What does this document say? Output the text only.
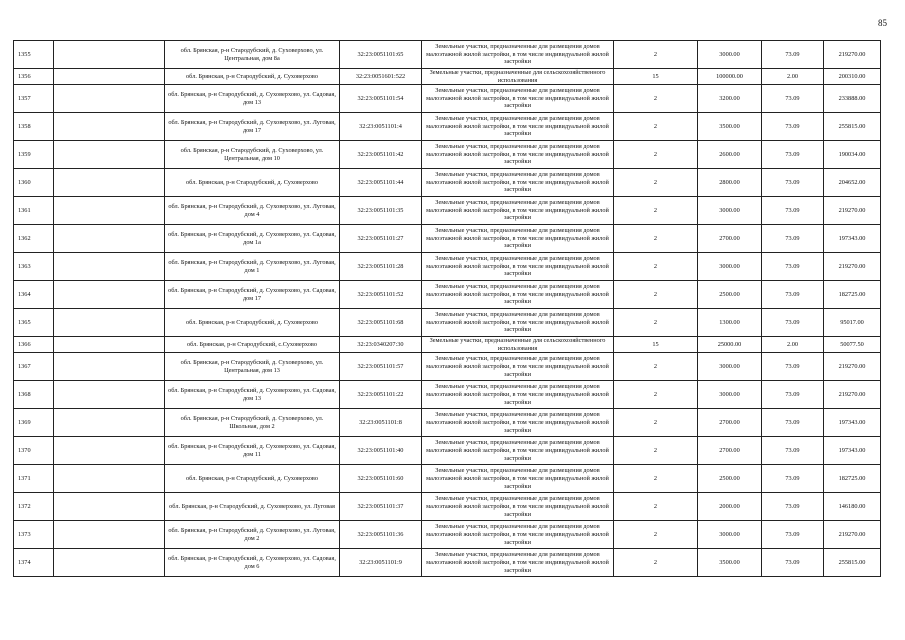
85
1355		обл. Брянская, р-н Стародубский, д. Суховерхово, ул. Центральная, дом 8а	32:23:0051101:65	Земельные участки, предназначенные для размещения домов малоэтажной жилой застройки, в том числе индивидуальной жилой застройки	2	3000.00	73.09	219270.00
1356		обл. Брянская, р-н Стародубский, д. Суховерхово	32:23:0051601:522	Земельные участки, предназначенные для сельскохозяйственного использования	15	100000.00	2.00	200310.00
1357		обл. Брянская, р-н Стародубский, д. Суховерхово, ул. Садовая, дом 13	32:23:0051101:54	Земельные участки, предназначенные для размещения домов малоэтажной жилой застройки, в том числе индивидуальной жилой застройки	2	3200.00	73.09	233888.00
1358		обл. Брянская, р-н Стародубский, д. Суховерхово, ул. Луговая, дом 17	32:23:0051101:4	Земельные участки, предназначенные для размещения домов малоэтажной жилой застройки, в том числе индивидуальной жилой застройки	2	3500.00	73.09	255815.00
1359		обл. Брянская, р-н Стародубский, д. Суховерхово, ул. Центральная, дом 10	32:23:0051101:42	Земельные участки, предназначенные для размещения домов малоэтажной жилой застройки, в том числе индивидуальной жилой застройки	2	2600.00	73.09	190034.00
1360		обл. Брянская, р-н Стародубский, д. Суховерхово	32:23:0051101:44	Земельные участки, предназначенные для размещения домов малоэтажной жилой застройки, в том числе индивидуальной жилой застройки	2	2800.00	73.09	204652.00
1361		обл. Брянская, р-н Стародубский, д. Суховерхово, ул. Луговая, дом 4	32:23:0051101:35	Земельные участки, предназначенные для размещения домов малоэтажной жилой застройки, в том числе индивидуальной жилой застройки	2	3000.00	73.09	219270.00
1362		обл. Брянская, р-н Стародубский, д. Суховерхово, ул. Садовая, дом 1а	32:23:0051101:27	Земельные участки, предназначенные для размещения домов малоэтажной жилой застройки, в том числе индивидуальной жилой застройки	2	2700.00	73.09	197343.00
1363		обл. Брянская, р-н Стародубский, д. Суховерхово, ул. Луговая, дом 1	32:23:0051101:28	Земельные участки, предназначенные для размещения домов малоэтажной жилой застройки, в том числе индивидуальной жилой застройки	2	3000.00	73.09	219270.00
1364		обл. Брянская, р-н Стародубский, д. Суховерхово, ул. Садовая, дом 17	32:23:0051101:52	Земельные участки, предназначенные для размещения домов малоэтажной жилой застройки, в том числе индивидуальной жилой застройки	2	2500.00	73.09	182725.00
1365		обл. Брянская, р-н Стародубский, д. Суховерхово	32:23:0051101:68	Земельные участки, предназначенные для размещения домов малоэтажной жилой застройки, в том числе индивидуальной жилой застройки	2	1300.00	73.09	95017.00
1366		обл. Брянская, р-н Стародубский, с.Суховерхово	32:23:0340207:30	Земельные участки, предназначенные для сельскохозяйственного использования	15	25000.00	2.00	50077.50
1367		обл. Брянская, р-н Стародубский, д. Суховерхово, ул. Центральная, дом 13	32:23:0051101:57	Земельные участки, предназначенные для размещения домов малоэтажной жилой застройки, в том числе индивидуальной жилой застройки	2	3000.00	73.09	219270.00
1368		обл. Брянская, р-н Стародубский, д. Суховерхово, ул. Садовая, дом 13	32:23:0051101:22	Земельные участки, предназначенные для размещения домов малоэтажной жилой застройки, в том числе индивидуальной жилой застройки	2	3000.00	73.09	219270.00
1369		обл. Брянская, р-н Стародубский, д. Суховерхово, ул. Школьная, дом 2	32:23:0051101:8	Земельные участки, предназначенные для размещения домов малоэтажной жилой застройки, в том числе индивидуальной жилой застройки	2	2700.00	73.09	197343.00
1370		обл. Брянская, р-н Стародубский, д. Суховерхово, ул. Садовая, дом 11	32:23:0051101:40	Земельные участки, предназначенные для размещения домов малоэтажной жилой застройки, в том числе индивидуальной жилой застройки	2	2700.00	73.09	197343.00
1371		обл. Брянская, р-н Стародубский, д. Суховерхово	32:23:0051101:60	Земельные участки, предназначенные для размещения домов малоэтажной жилой застройки, в том числе индивидуальной жилой застройки	2	2500.00	73.09	182725.00
1372		обл. Брянская, р-н Стародубский, д. Суховерхово, ул. Луговая	32:23:0051101:37	Земельные участки, предназначенные для размещения домов малоэтажной жилой застройки, в том числе индивидуальной жилой застройки	2	2000.00	73.09	146180.00
1373		обл. Брянская, р-н Стародубский, д. Суховерхово, ул. Луговая, дом 2	32:23:0051101:36	Земельные участки, предназначенные для размещения домов малоэтажной жилой застройки, в том числе индивидуальной жилой застройки	2	3000.00	73.09	219270.00
1374		обл. Брянская, р-н Стародубский, д. Суховерхово, ул. Садовая, дом 6	32:23:0051101:9	Земельные участки, предназначенные для размещения домов малоэтажной жилой застройки, в том числе индивидуальной жилой застройки	2	3500.00	73.09	255815.00
